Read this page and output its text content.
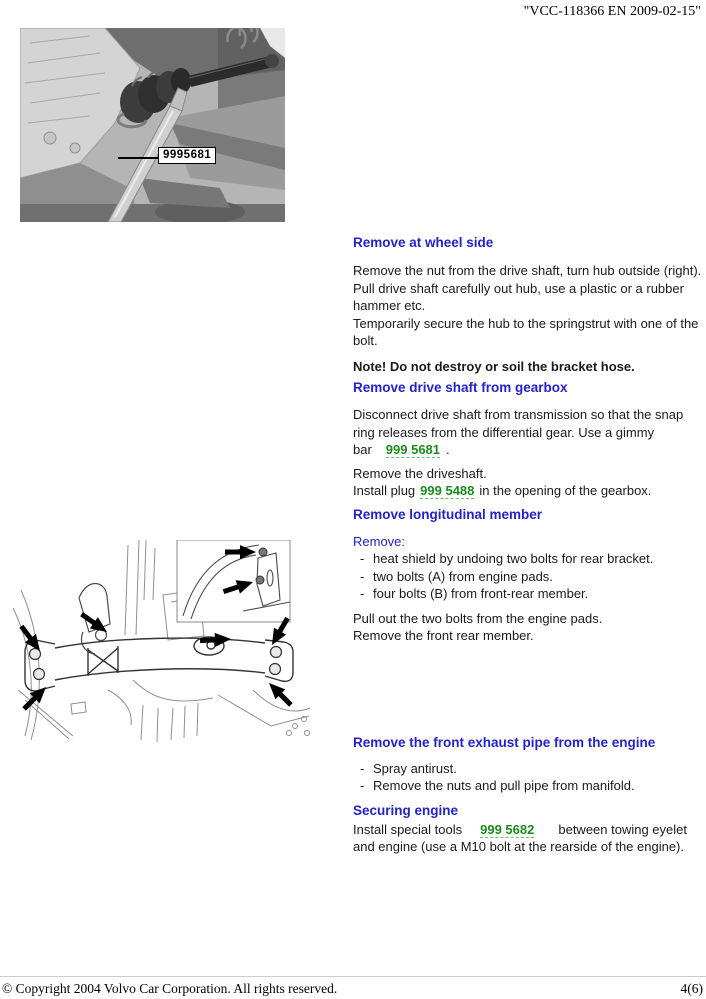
"VCC-118366 EN 2009-02-15"
9995681

Remove at wheel side

Remove the nut from the drive shaft, turn hub outside (right).
Pull drive shaft carefully out hub, use a plastic or a rubber hammer etc.
Temporarily secure the hub to the springstrut with one of the bolt.
Note! Do not destroy or soil the bracket hose.

Remove drive shaft from gearbox

Disconnect drive shaft from transmission so that the snap ring releases from the differential gear. Use a gimmy bar 999 5681 .
Remove the driveshaft.
Install plug 999 5488 in the opening of the gearbox.

Remove longitudinal member

Remove:

- heat shield by undoing two bolts for rear bracket.
- two bolts (A) from engine pads.
- four bolts (B) from front-rear member.
Pull out the two bolts from the engine pads.
Remove the front rear member.

Remove the front exhaust pipe from the engine

- Spray antirust.
- Remove the nuts and pull pipe from manifold.

Securing engine

Install special tools 999 5682 between towing eyelet and engine (use a M10 bolt at the rearside of the engine).
© Copyright 2004 Volvo Car Corporation. All rights reserved.	4(6)
